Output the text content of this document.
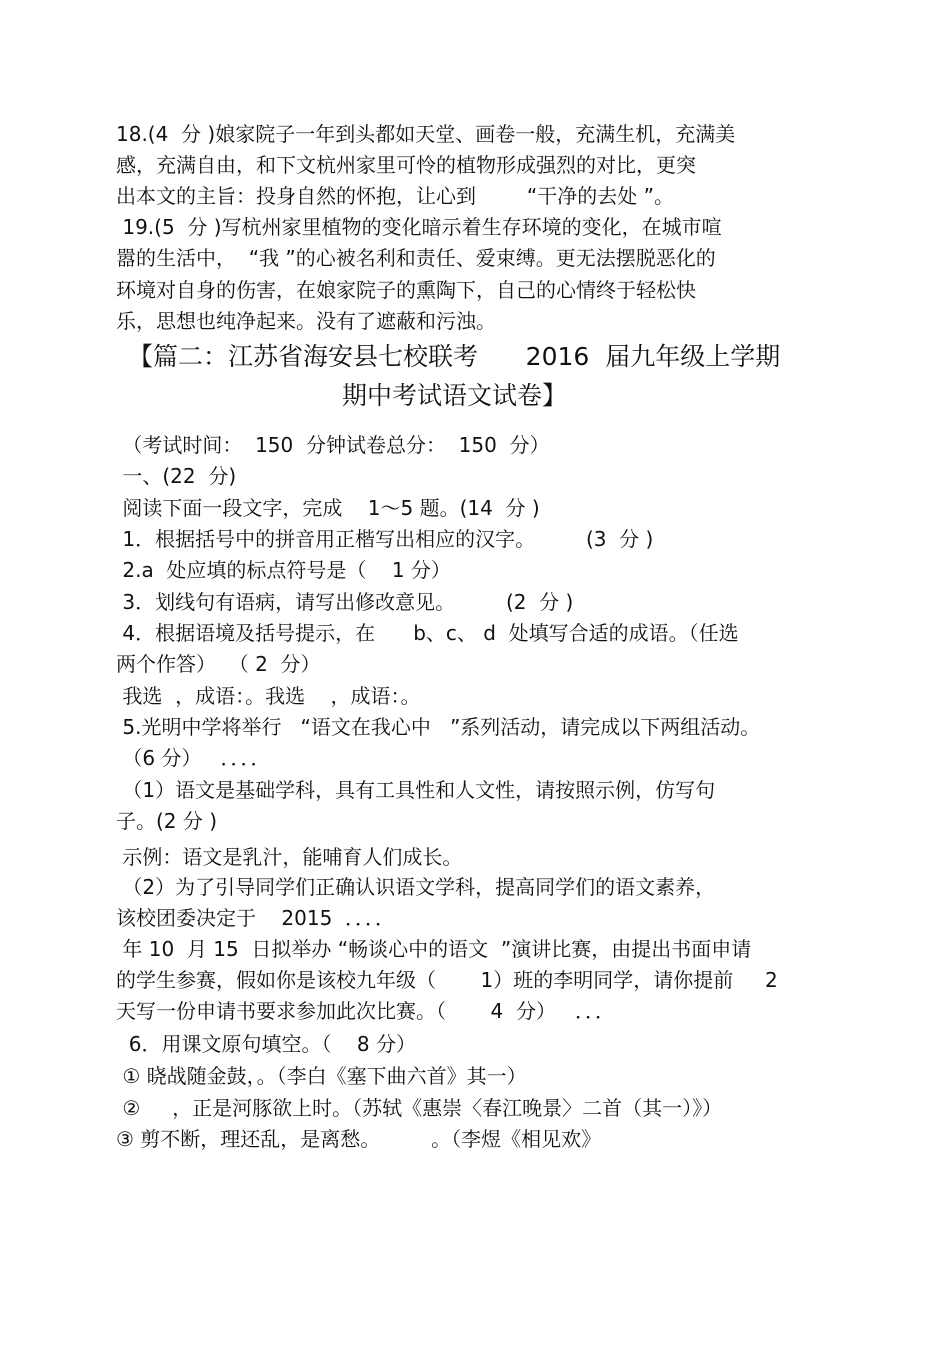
18.(4  分 )娘家院子一年到头都如天堂、画卷一般，充满生机，充满美
感，充满自由，和下文杭州家里可怜的植物形成强烈的对比，更突
出本文的主旨：投身自然的怀抱，让心到        “干净的去处 ”。
19.(5  分 )写杭州家里植物的变化暗示着生存环境的变化，在城市喧
嚣的生活中，  “我 ”的心被名利和责任、爱束缚。更无法摆脱恶化的
环境对自身的伤害，在娘家院子的熏陶下，自己的心情终于轻松快
乐，思想也纯净起来。没有了遮蔽和污浊。
【篇二：江苏省海安县七校联考      2016  届九年级上学期
期中考试语文试卷】
（考试时间：  150  分钟试卷总分：  150  分）
一、(22  分)
阅读下面一段文字，完成    1～5 题。(14  分 )
1．根据括号中的拼音用正楷写出相应的汉字。        (3  分 )
2.a  处应填的标点符号是（    1 分）
3．划线句有语病，请写出修改意见。        (2  分 )
4．根据语境及括号提示，在      b、c、 d  处填写合适的成语。（任选
两个作答）  （ 2  分）
我选  ，成语：。我选    ，成语：。
5.光明中学将举行   “语文在我心中   ”系列活动，请完成以下两组活动。
（6 分）   ．．．．
（1）语文是基础学科，具有工具性和人文性，请按照示例，仿写句
子。(2 分 )
示例：语文是乳汁，能哺育人们成长。
（2）为了引导同学们正确认识语文学科，提高同学们的语文素养，
该校团委决定于    2015  ．．．．
年 10  月 15  日拟举办 “畅谈心中的语文  ”演讲比赛，由提出书面申请
的学生参赛，假如你是该校九年级（       1）班的李明同学，请你提前     2
天写一份申请书要求参加此次比赛。（       4  分）   ．．．
6．用课文原句填空。（    8 分）
① 晓战随金鼓，。（李白《塞下曲六首》其一）
②     ，正是河豚欲上时。（苏轼《惠崇〈春江晚景〉二首（其一）》）
③ 剪不断，理还乱，是离愁。        。（李煜《相见欢》
